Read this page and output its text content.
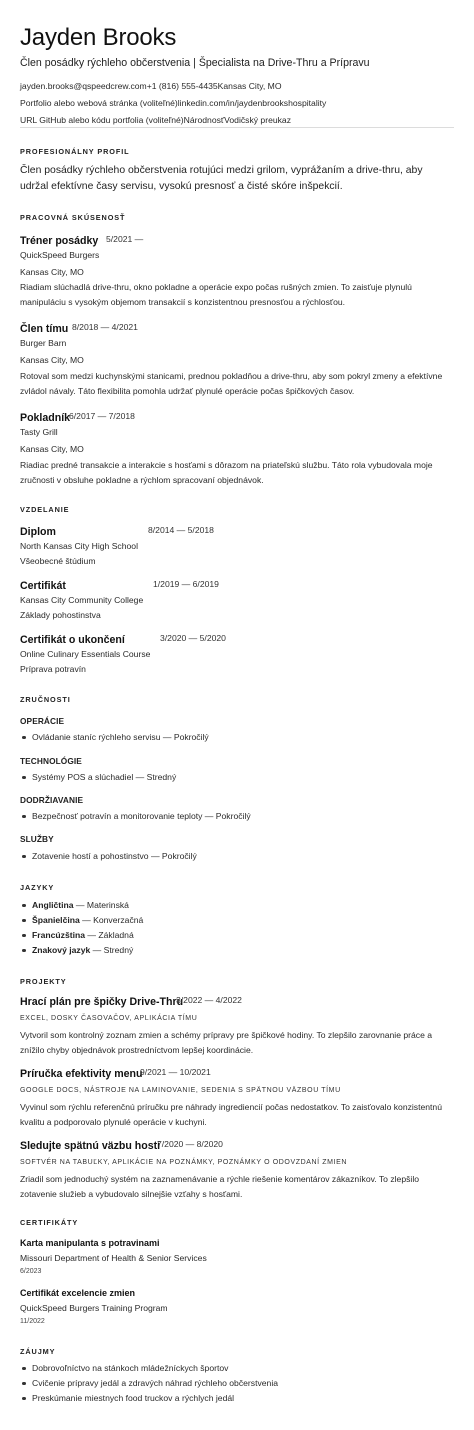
Jayden Brooks
Člen posádky rýchleho občerstvenia | Špecialista na Drive-Thru a Prípravu
jayden.brooks@qspeedcrew.com+1 (816) 555-4435Kansas City, MO
Portfolio alebo webová stránka (voliteľné)linkedin.com/in/jaydenbrookshospitality
URL GitHub alebo kódu portfolia (voliteľné)NárodnosťVodičský preukaz
PROFESIONÁLNY PROFIL
Člen posádky rýchleho občerstvenia rotujúci medzi grilom, vyprážaním a drive-thru, aby udržal efektívne časy servisu, vysokú presnosť a čisté skóre inšpekcií.
PRACOVNÁ SKÚSENOSŤ
Tréner posádky 5/2021 —
QuickSpeed Burgers
Kansas City, MO
Riadiam slúchadlá drive-thru, okno pokladne a operácie expo počas rušných zmien. To zaisťuje plynulú manipuláciu s vysokým objemom transakcií s konzistentnou presnosťou a rýchlosťou.
Člen tímu 8/2018 — 4/2021
Burger Barn
Kansas City, MO
Rotoval som medzi kuchynskými stanicami, prednou pokladňou a drive-thru, aby som pokryl zmeny a efektívne zvládol návaly. Táto flexibilita pomohla udržať plynulé operácie počas špičkových časov.
Pokladník
6/2017 — 7/2018
Tasty Grill
Kansas City, MO
Riadiac predné transakcie a interakcie s hosťami s dôrazom na priateľskú službu. Táto rola vybudovala moje zručnosti v obsluhe pokladne a rýchlom spracovaní objednávok.
VZDELANIE
Diplom	8/2014 — 5/2018
North Kansas City High School
Všeobecné štúdium
Certifikát	1/2019 — 6/2019
Kansas City Community College
Základy pohostinstva
Certifikát o ukončení	3/2020 — 5/2020
Online Culinary Essentials Course
Príprava potravín
ZRUČNOSTI
OPERÁCIE
Ovládanie staníc rýchleho servisu — Pokročilý
TECHNOLÓGIE
Systémy POS a slúchadiel — Stredný
DODRŽIAVANIE
Bezpečnosť potravín a monitorovanie teploty — Pokročilý
SLUŽBY
Zotavenie hostí a pohostinstvo — Pokročilý
JAZYKY
Angličtina — Materinská
Španielčina — Konverzačná
Francúzština — Základná
Znakový jazyk — Stredný
PROJEKTY
Hrací plán pre špičky Drive-Thru
3/2022 — 4/2022
EXCEL, DOSKY ČASOVAČOV, APLIKÁCIA TÍMU
Vytvoril som kontrolný zoznam zmien a schémy prípravy pre špičkové hodiny. To zlepšilo zarovnanie práce a znížilo chyby objednávok prostredníctvom lepšej koordinácie.
Príručka efektivity menu
9/2021 — 10/2021
GOOGLE DOCS, NÁSTROJE NA LAMINOVANIE, SEDENIA S SPÄTNOU VÄZBOU TÍMU
Vyvinul som rýchlu referenčnú príručku pre náhrady ingrediencií počas nedostatkov. To zaisťovalo konzistentnú kvalitu a podporovalo plynulé operácie v kuchyni.
Sledujte spätnú väzbu hostí
7/2020 — 8/2020
SOFTVÉR NA TABUĽKY, APLIKÁCIE NA POZNÁMKY, POZNÁMKY O ODOVZDANÍ ZMIEN
Zriadil som jednoduchý systém na zaznamenávanie a rýchle riešenie komentárov zákazníkov. To zlepšilo zotavenie služieb a vybudovalo silnejšie vzťahy s hosťami.
CERTIFIKÁTY
Karta manipulanta s potravinami
Missouri Department of Health & Senior Services
6/2023
Certifikát excelencie zmien
QuickSpeed Burgers Training Program
11/2022
ZÁUJMY
Dobrovoľníctvo na stánkoch mládežníckych športov
Cvičenie prípravy jedál a zdravých náhrad rýchleho občerstvenia
Preskúmanie miestnych food truckov a rýchlych jedál
